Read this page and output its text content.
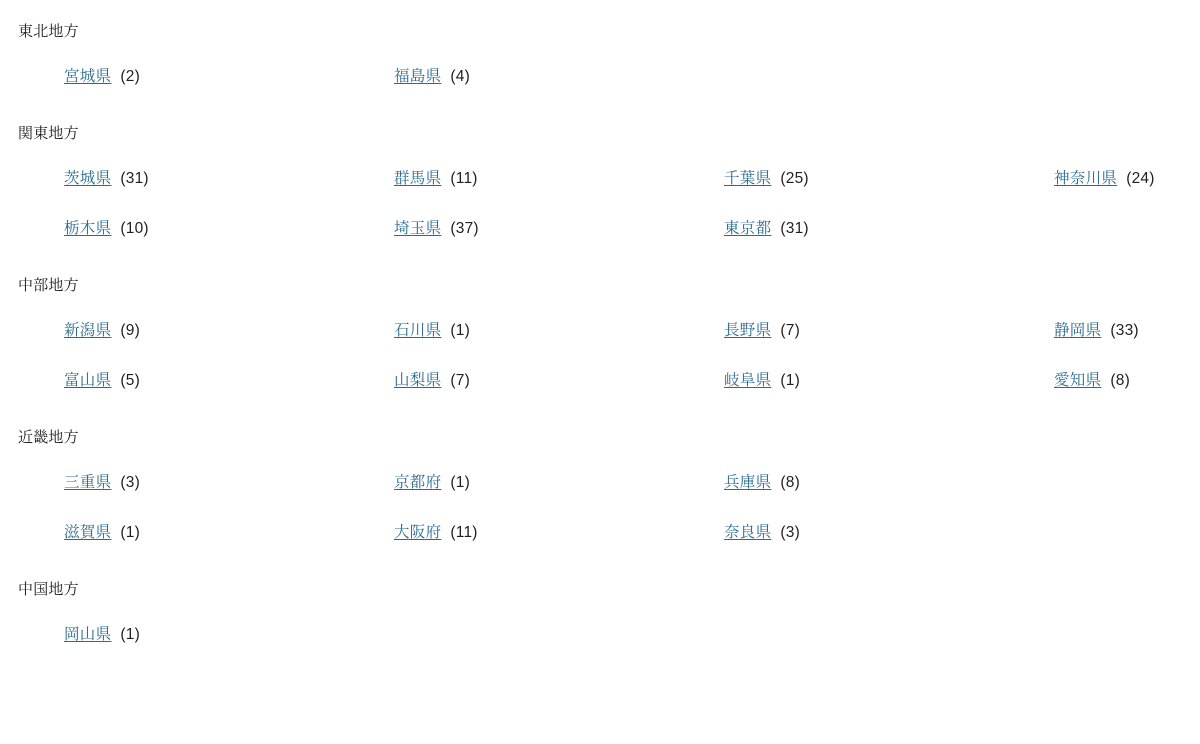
東北地方
宮城県 (2)	福島県 (4)
関東地方
茨城県 (31)	群馬県 (11)	千葉県 (25)	神奈川県 (24)
栃木県 (10)	埼玉県 (37)	東京都 (31)
中部地方
新潟県 (9)	石川県 (1)	長野県 (7)	静岡県 (33)
富山県 (5)	山梨県 (7)	岐阜県 (1)	愛知県 (8)
近畿地方
三重県 (3)	京都府 (1)	兵庫県 (8)
滋賀県 (1)	大阪府 (11)	奈良県 (3)
中国地方
岡山県 (1)
